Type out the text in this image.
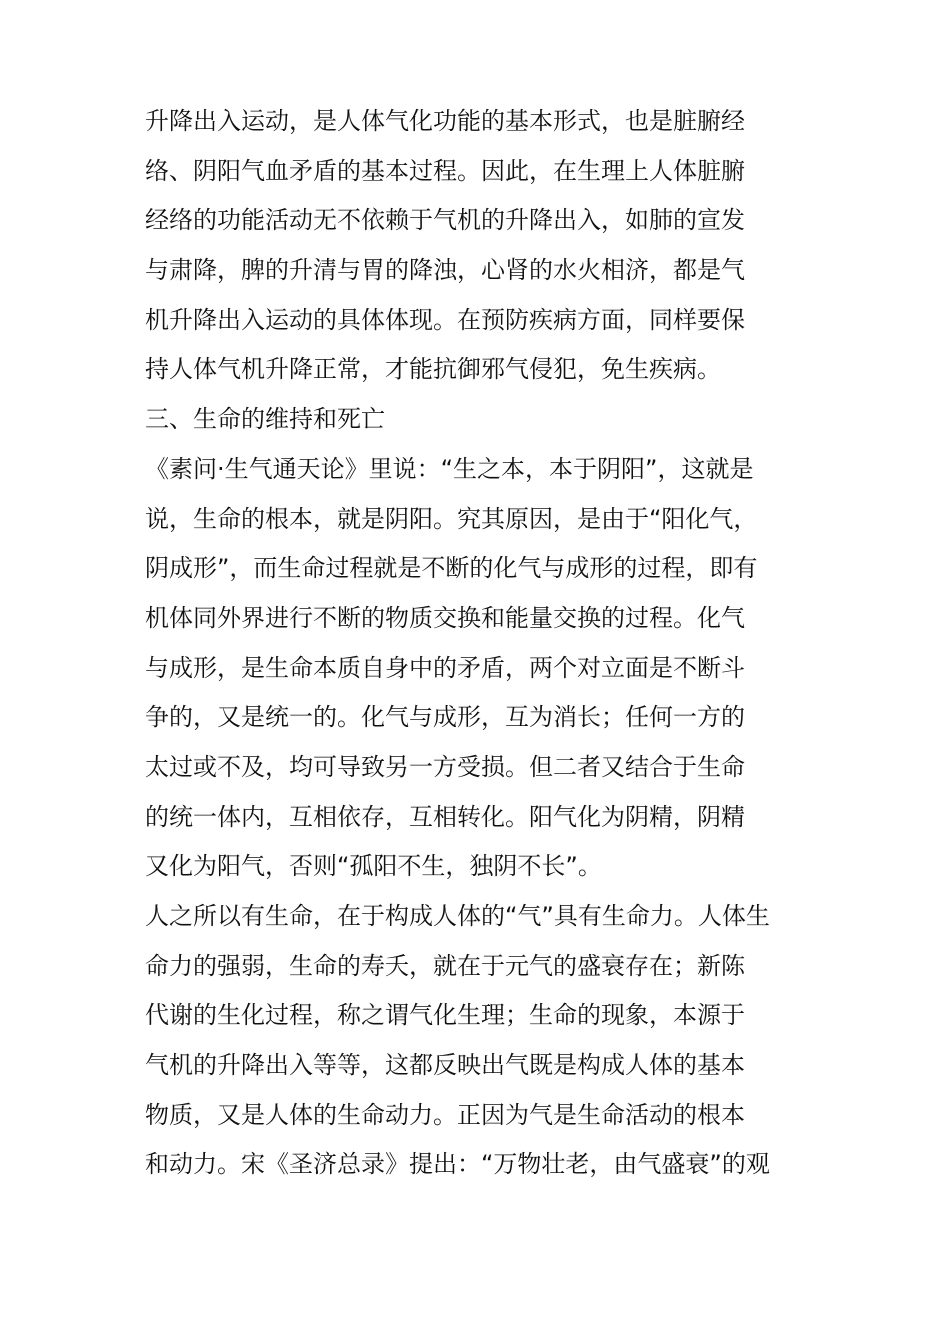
升降出入运动，是人体气化功能的基本形式，也是脏腑经
络、阴阳气血矛盾的基本过程。因此，在生理上人体脏腑
经络的功能活动无不依赖于气机的升降出入，如肺的宣发
与肃降，脾的升清与胃的降浊，心肾的水火相济，都是气
机升降出入运动的具体体现。在预防疾病方面，同样要保
持人体气机升降正常，才能抗御邪气侵犯，免生疾病。
三、生命的维持和死亡
《素问·生气通天论》里说：“生之本，本于阴阳”，这就是
说，生命的根本，就是阴阳。究其原因，是由于“阳化气，
阴成形”，而生命过程就是不断的化气与成形的过程，即有
机体同外界进行不断的物质交换和能量交换的过程。化气
与成形，是生命本质自身中的矛盾，两个对立面是不断斗
争的，又是统一的。化气与成形，互为消长；任何一方的
太过或不及，均可导致另一方受损。但二者又结合于生命
的统一体内，互相依存，互相转化。阳气化为阴精，阴精
又化为阳气，否则“孤阳不生，独阴不长”。
人之所以有生命，在于构成人体的“气”具有生命力。人体生
命力的强弱，生命的寿夭，就在于元气的盛衰存在；新陈
代谢的生化过程，称之谓气化生理；生命的现象，本源于
气机的升降出入等等，这都反映出气既是构成人体的基本
物质，又是人体的生命动力。正因为气是生命活动的根本
和动力。宋《圣济总录》提出：“万物壮老，由气盛衰”的观
